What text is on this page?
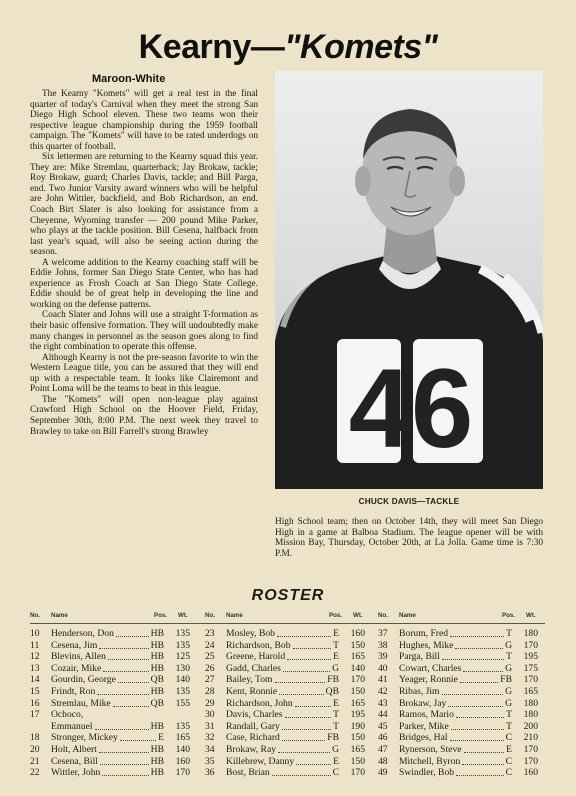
Kearny—"Komets"
Maroon-White

The Kearny "Komets" will get a real test in the final quarter of today's Carnival when they meet the strong San Diego High School eleven. These two teams won their respective league championship during the 1959 football campaign. The "Komets" will have to be rated underdogs on this quarter of football.

Six lettermen are returning to the Kearny squad this year. They are: Mike Stremlau, quarterback; Jay Brokaw, tackle; Roy Brokaw, guard; Charles Davis, tackle; and Bill Parga, end. Two Junior Varsity award winners who will be helpful are John Wittler, backfield, and Bob Richardson, an end. Coach Birt Slater is also looking for assistance from a Cheyenne, Wyoming transfer — 200 pound Mike Parker, who plays at the tackle position. Bill Cesena, halfback from last year's squad, will also be seeing action during the season.

A welcome addition to the Kearny coaching staff will be Eddie Johns, former San Diego State Center, who has had experience as Frosh Coach at San Diego State College. Eddie should be of great help in developing the line and working on the defense patterns.

Coach Slater and Johns will use a straight T-formation as their basic offensive formation. They will undoubtedly make many changes in personnel as the season goes along to find the right combination to operate this offense.

Although Kearny is not the pre-season favorite to win the Western League title, you can be assured that they will end up with a respectable team. It looks like Clairemont and Point Loma will be the teams to beat in this league.

The "Komets" will open non-league play against Crawford High School on the Hoover Field, Friday, September 30th, 8:00 P.M. The next week they travel to Brawley to take on Bill Farrell's strong Brawley	46
CHUCK DAVIS—TACKLE

High School team; then on October 14th, they will meet San Diego High in a game at Balboa Stadium. The league opener will be with Mission Bay, Thursday, October 20th, at La Jolla. Game time is 7:30 P.M.

ROSTER
No. Name	Pos. Wt.	No. Name	Pos. Wt. No. Name	Pos. Wt.
10 Henderson, Don	HB 135
11 Cesena, Jim	HB 135
12 Blevins, Allen	HB 125
13 Cozair, Mike	HB 130
14 Gourdin, George	QB 140
15 Frindt, Ron	HB 135
16 Stremlau, Mike	QB 155
17 Ochoco,
Emmanuel	HB 135
18 Stronger, Mickey	E 165
20 Holt, Albert	HB 140
21 Cesena, Bill	HB 160
22 Wittler, John	HB 170
23 Mosley, Bob	E 160
24 Richardson, Bob	T 150
25 Greene, Harold	E 165
26 Gadd, Charles	G 140
27 Bailey, Tom	FB 170
28 Kent, Ronnie	QB 150
29 Richardson, John	E 165
30 Davis, Charles	T 195
31 Randall, Gary	T 190
32 Case, Richard	FB 150
34 Brokaw, Ray	G 165
35 Killebrew, Danny	E 150
36 Bost, Brian	C 170
37 Borum, Fred	T 180
38 Hughes, Mike	G 170
39 Parga, Bill	T 195
40 Cowart, Charles	G 175
41 Yeager, Ronnie	FB 170
42 Ribas, Jim	G 165
43 Brokaw, Jay	G 180
44 Ramos, Mario	T 180
45 Parker, Mike	T 200
46 Bridges, Hal	C 210
47 Rynerson, Steve	E 170
48 Mitchell, Byron	C 170
49 Swindler, Bob	C 160
